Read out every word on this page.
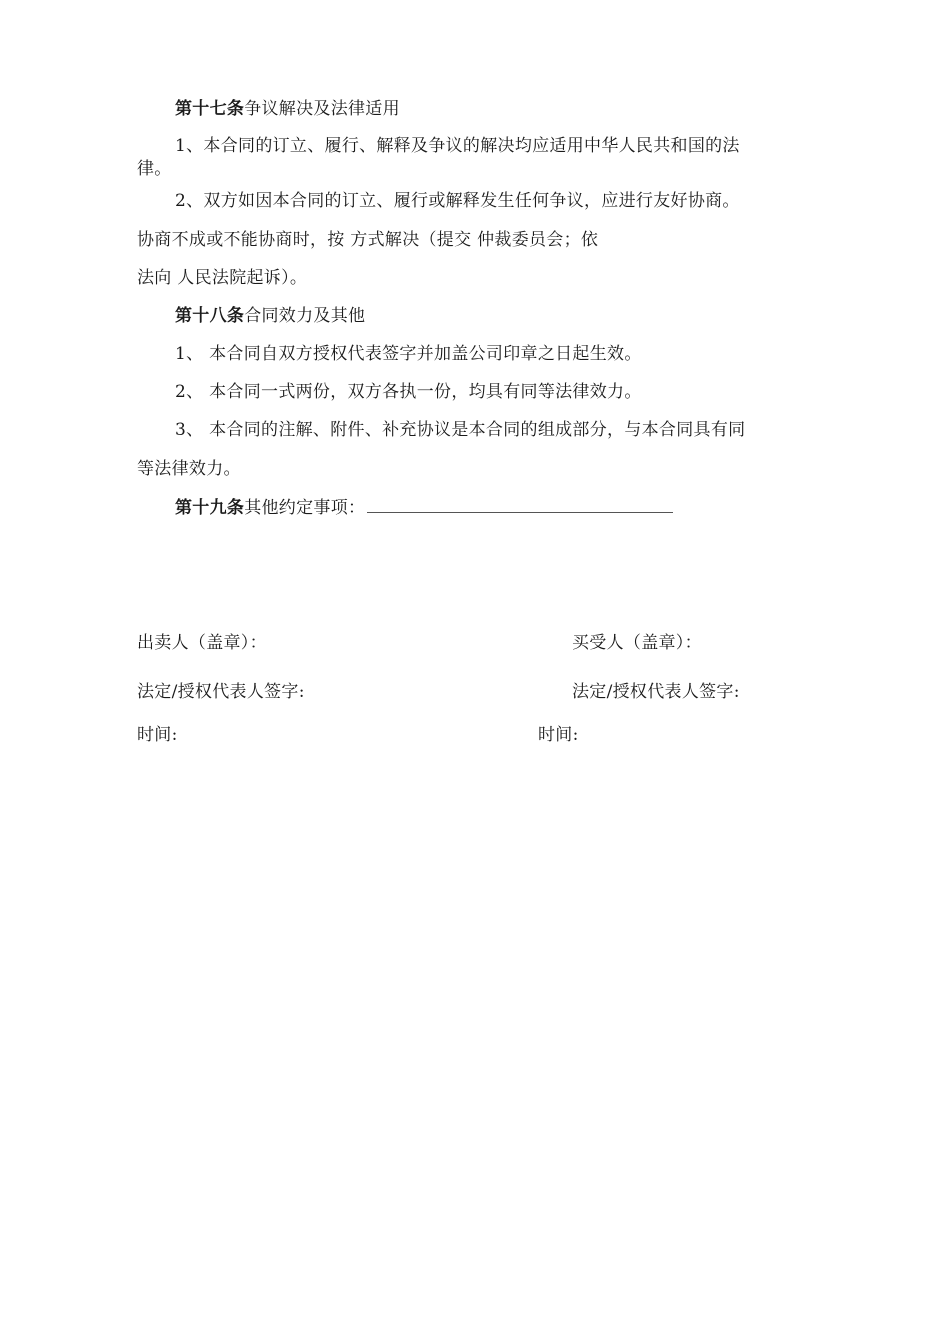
第十七条争议解决及法律适用
1、本合同的订立、履行、解释及争议的解决均应适用中华人民共和国的法
律。
2、双方如因本合同的订立、履行或解释发生任何争议，应进行友好协商。
协商不成或不能协商时，按 方式解决（提交 仲裁委员会；依
法向 人民法院起诉）。
第十八条合同效力及其他
1、 本合同自双方授权代表签字并加盖公司印章之日起生效。
2、 本合同一式两份，双方各执一份，均具有同等法律效力。
3、 本合同的注解、附件、补充协议是本合同的组成部分，与本合同具有同
等法律效力。
第十九条其他约定事项：
出卖人（盖章）：	买受人（盖章）：
法定/授权代表人签字:	法定/授权代表人签字:
时间:	时间:
